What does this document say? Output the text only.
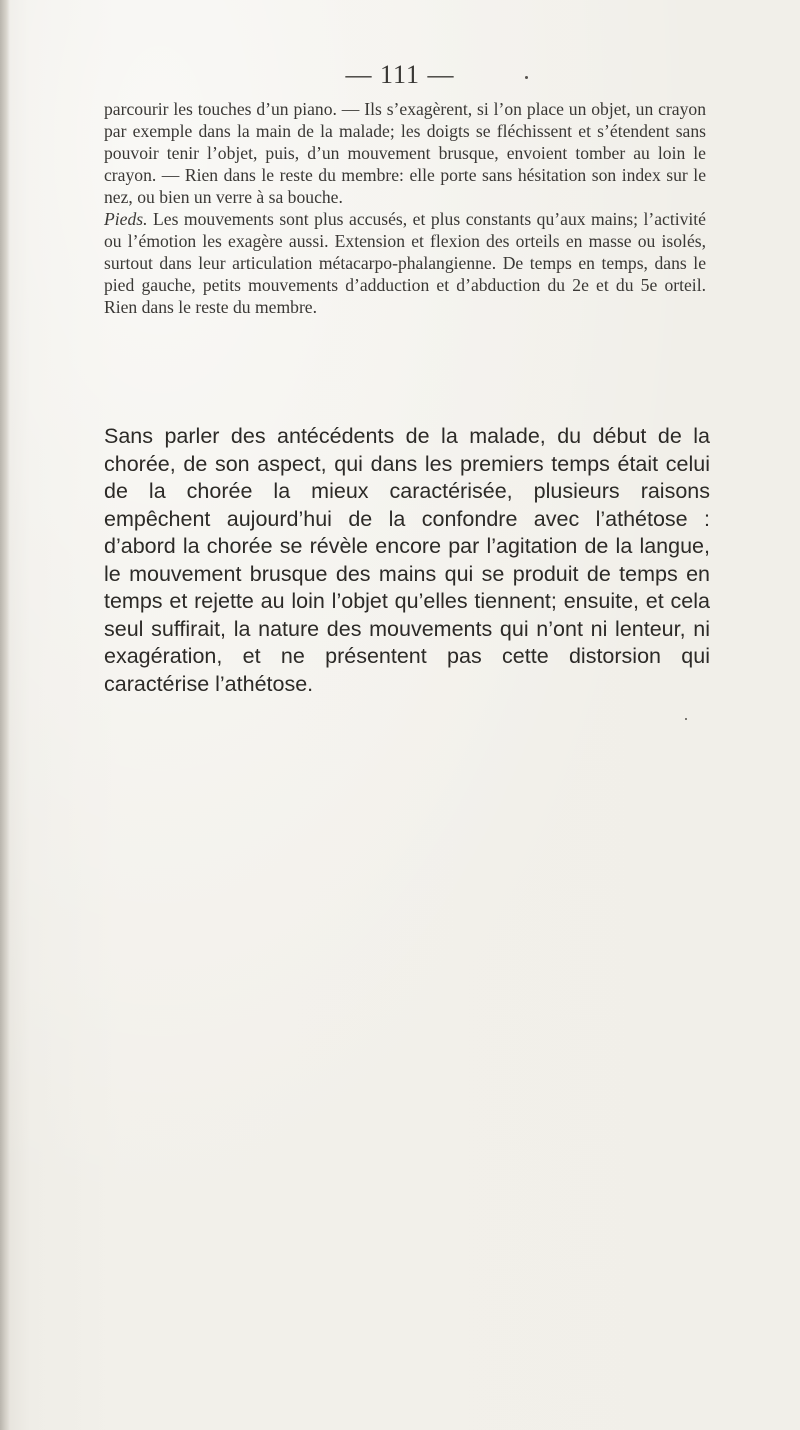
— 111 —

parcourir les touches d’un piano. — Ils s’exagèrent, si l’on place un objet, un crayon par exemple dans la main de la malade; les doigts se fléchissent et s’étendent sans pouvoir tenir l’objet, puis, d’un mouvement brusque, envoient tomber au loin le crayon. — Rien dans le reste du membre: elle porte sans hésitation son index sur le nez, ou bien un verre à sa bouche.

Pieds. Les mouvements sont plus accusés, et plus constants qu’aux mains; l’activité ou l’émotion les exagère aussi. Extension et flexion des orteils en masse ou isolés, surtout dans leur articulation métacarpo-phalangienne. De temps en temps, dans le pied gauche, petits mouvements d’adduction et d’abduction du 2e et du 5e orteil. Rien dans le reste du membre.

Sans parler des antécédents de la malade, du début de la chorée, de son aspect, qui dans les premiers temps était celui de la chorée la mieux caractérisée, plusieurs raisons empêchent aujourd’hui de la confondre avec l’athétose : d’abord la chorée se révèle encore par l’agitation de la langue, le mouvement brusque des mains qui se produit de temps en temps et rejette au loin l’objet qu’elles tiennent; ensuite, et cela seul suffirait, la nature des mouvements qui n’ont ni lenteur, ni exagération, et ne présentent pas cette distorsion qui caractérise l’athétose.
